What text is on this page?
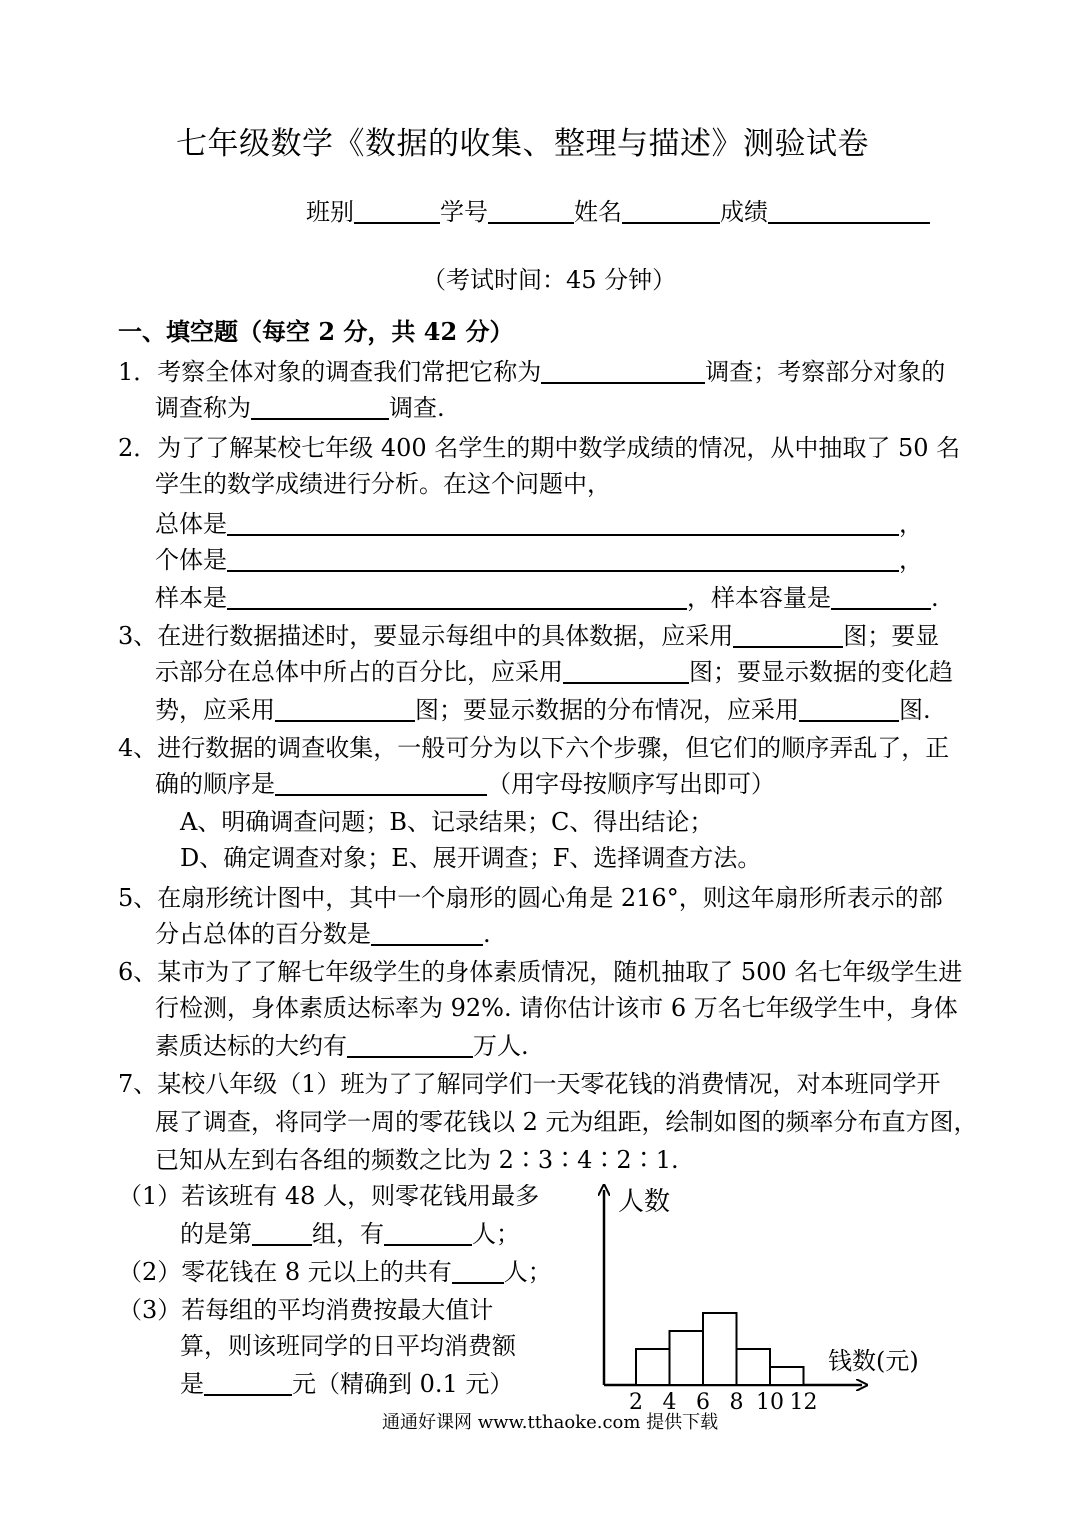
七年级数学《数据的收集、整理与描述》测验试卷
班别	学号	姓名	成绩
（考试时间：45 分钟）
一、填空题（每空 2 分，共 42 分）
1．考察全体对象的调查我们常把它称为	调查；考察部分对象的
调查称为	调查.
2．为了了解某校七年级 400 名学生的期中数学成绩的情况，从中抽取了 50 名
学生的数学成绩进行分析。在这个问题中，
总体是	，
个体是	，
样本是	，样本容量是	.
3、在进行数据描述时，要显示每组中的具体数据，应采用	图；要显
示部分在总体中所占的百分比，应采用	图；要显示数据的变化趋
势，应采用	图；要显示数据的分布情况，应采用	图.
4、进行数据的调查收集，一般可分为以下六个步骤，但它们的顺序弄乱了，正
确的顺序是	（用字母按顺序写出即可）
A、明确调查问题；B、记录结果；C、得出结论；
D、确定调查对象；E、展开调查；F、选择调查方法。
5、在扇形统计图中，其中一个扇形的圆心角是 216°，则这年扇形所表示的部
分占总体的百分数是	.
6、某市为了了解七年级学生的身体素质情况，随机抽取了 500 名七年级学生进
行检测，身体素质达标率为 92%. 请你估计该市 6 万名七年级学生中，身体
素质达标的大约有	万人.
7、某校八年级（1）班为了了解同学们一天零花钱的消费情况，对本班同学开
展了调查，将同学一周的零花钱以 2 元为组距，绘制如图的频率分布直方图，
已知从左到右各组的频数之比为 2∶3∶4∶2∶1.
（1）若该班有 48 人，则零花钱用最多
的是第	组，有	人；
（2）零花钱在 8 元以上的共有 人；
（3）若每组的平均消费按最大值计
算，则该班同学的日平均消费额
是	元（精确到 0.1 元）
人数
钱数(元)
2 4 6 8 10 12
通通好课网 www.tthaoke.com 提供下载
